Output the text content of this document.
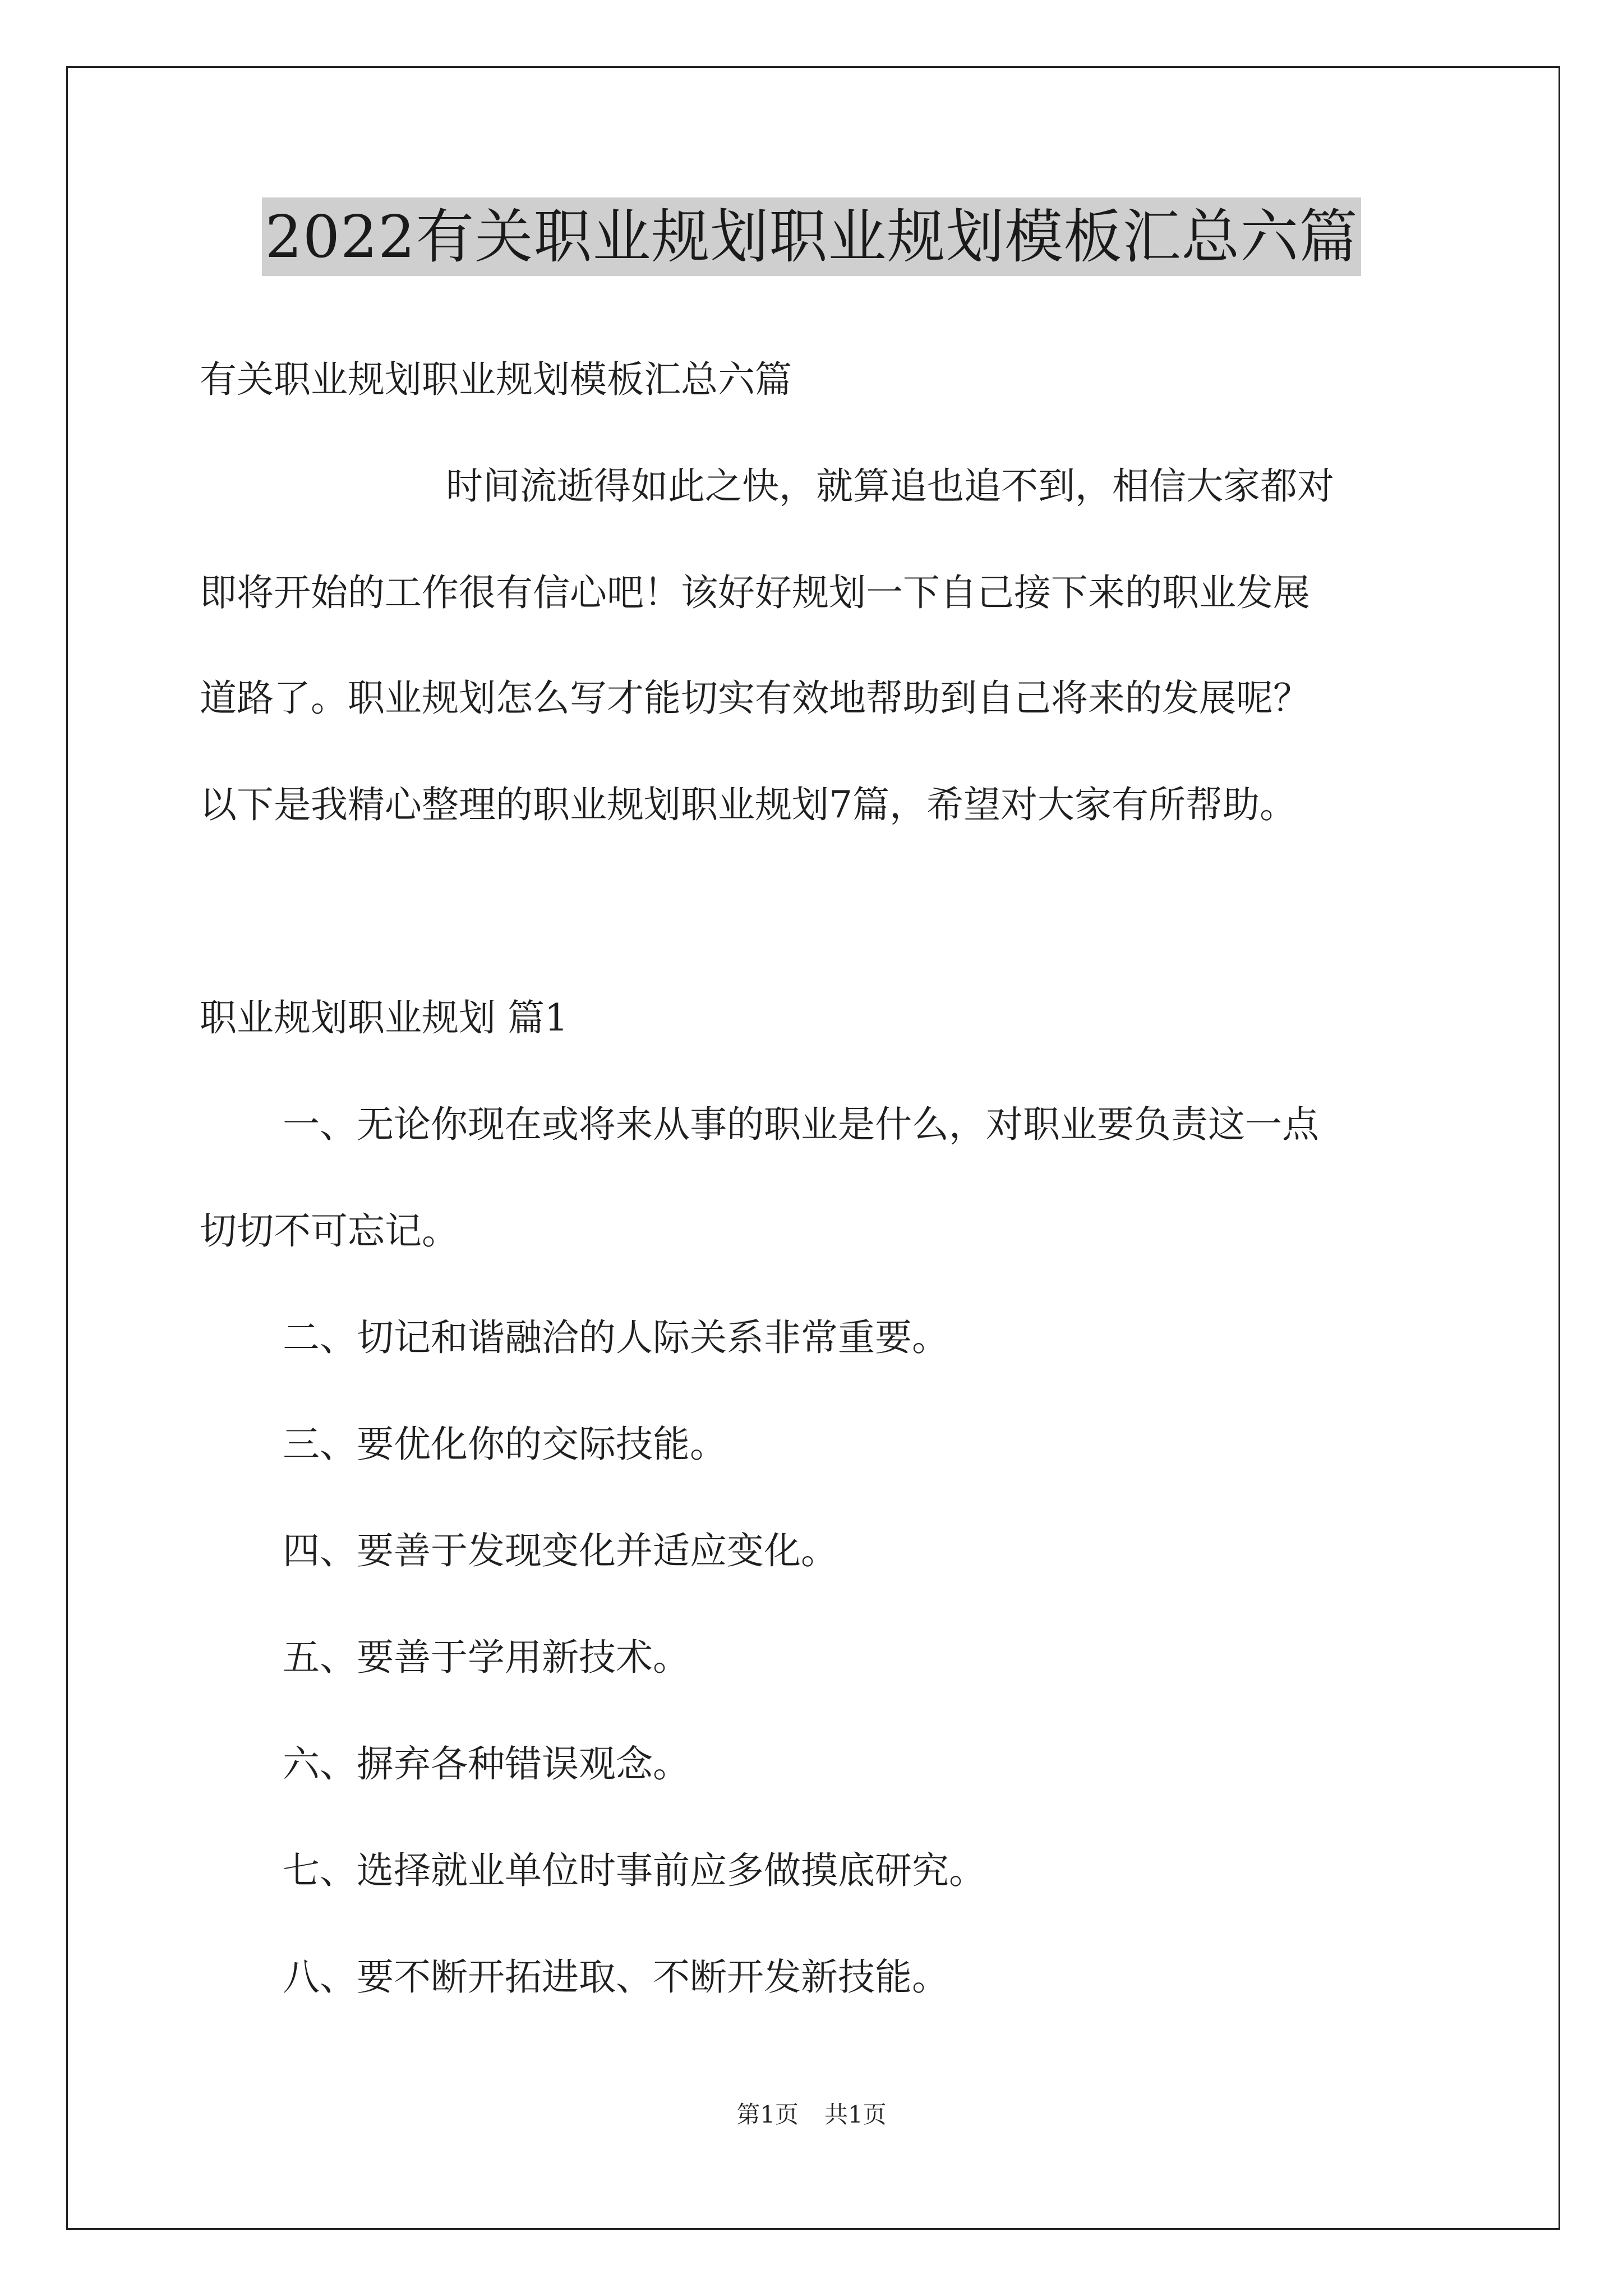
2022有关职业规划职业规划模板汇总六篇
有关职业规划职业规划模板汇总六篇
时间流逝得如此之快，就算追也追不到，相信大家都对
即将开始的工作很有信心吧！该好好规划一下自己接下来的职业发展
道路了。职业规划怎么写才能切实有效地帮助到自己将来的发展呢？
以下是我精心整理的职业规划职业规划7篇，希望对大家有所帮助。
职业规划职业规划 篇1
一、无论你现在或将来从事的职业是什么，对职业要负责这一点
切切不可忘记。
二、切记和谐融洽的人际关系非常重要。
三、要优化你的交际技能。
四、要善于发现变化并适应变化。
五、要善于学用新技术。
六、摒弃各种错误观念。
七、选择就业单位时事前应多做摸底研究。
八、要不断开拓进取、不断开发新技能。
第1页 共1页
